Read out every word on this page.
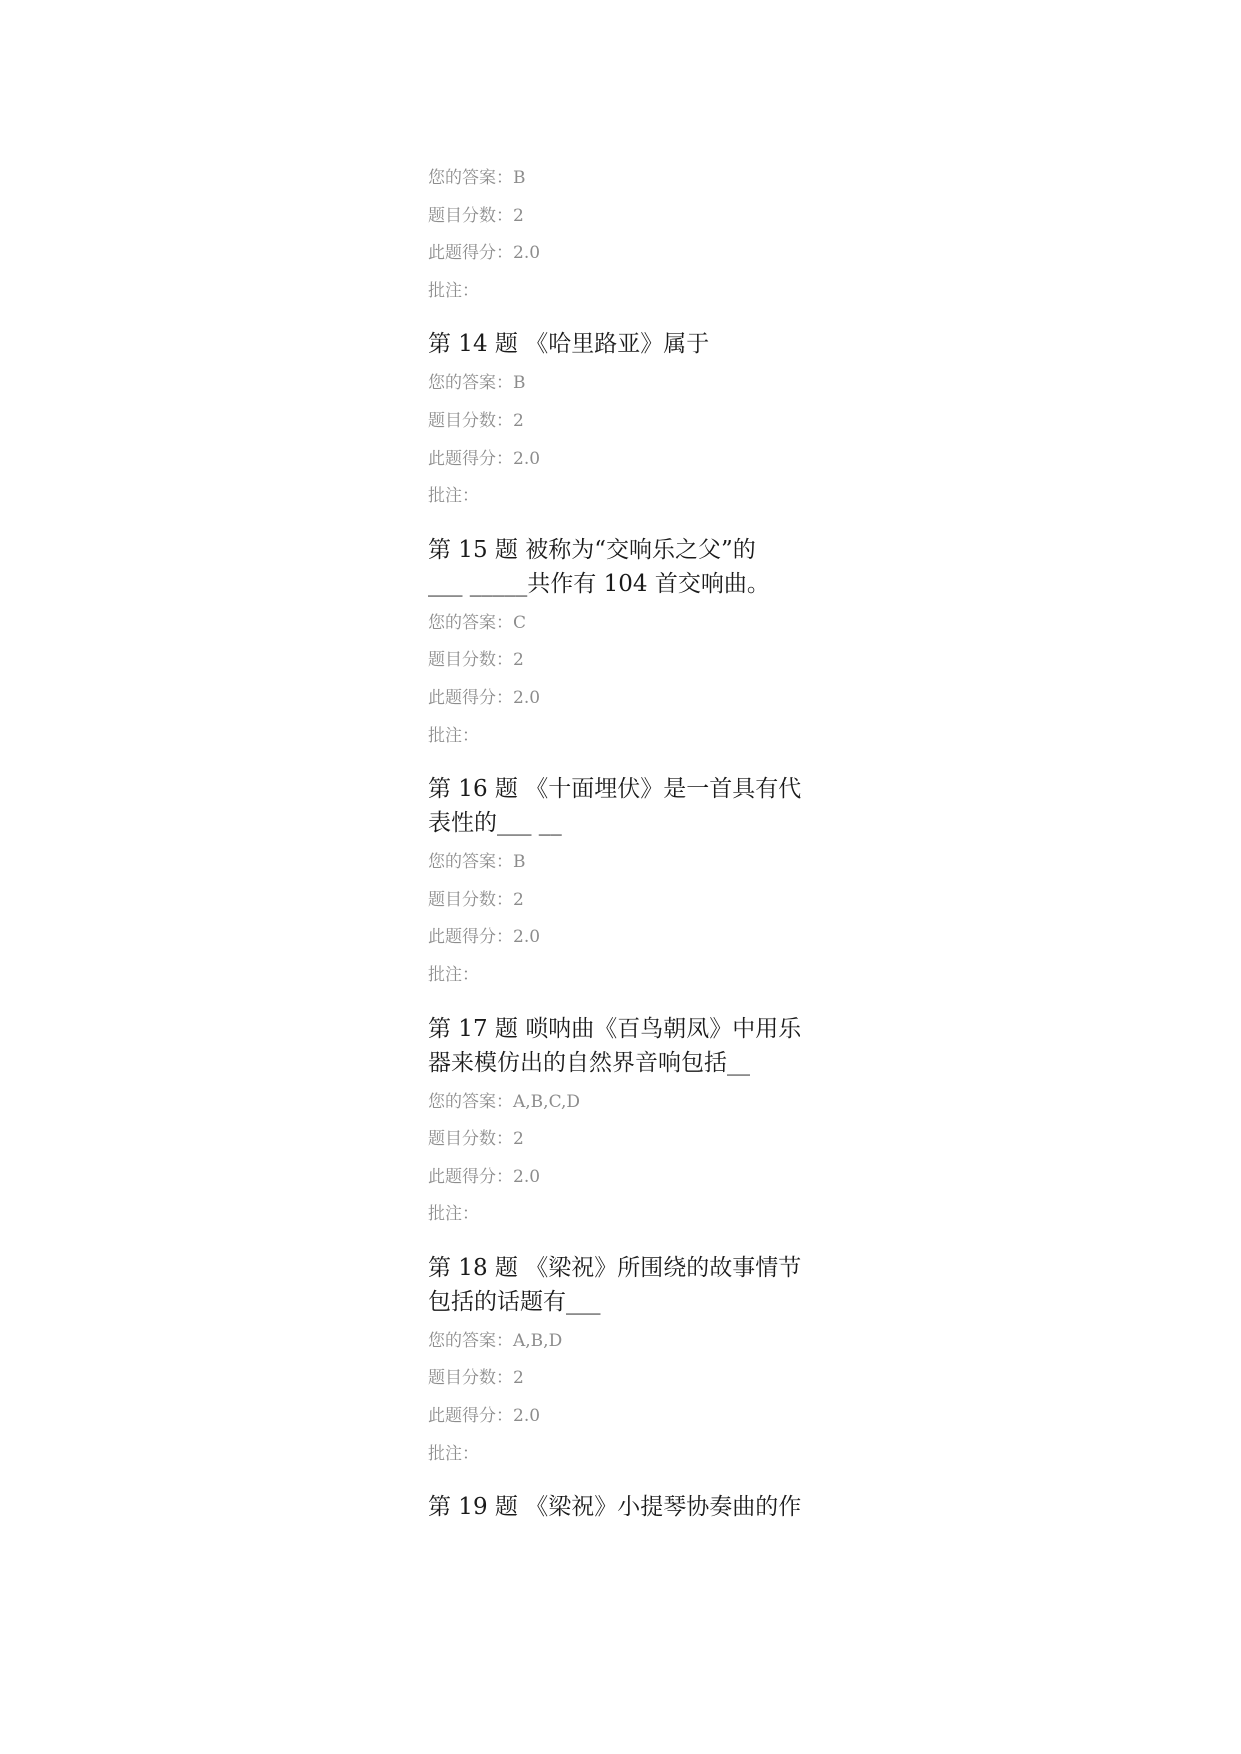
您的答案：B
题目分数：2
此题得分：2.0
批注：
第 14 题 《哈里路亚》属于
您的答案：B
题目分数：2
此题得分：2.0
批注：
第 15 题 被称为“交响乐之父”的
___ _____共作有 104 首交响曲。
您的答案：C
题目分数：2
此题得分：2.0
批注：
第 16 题 《十面埋伏》是一首具有代
表性的___ __
您的答案：B
题目分数：2
此题得分：2.0
批注：
第 17 题 唢呐曲《百鸟朝凤》中用乐
器来模仿出的自然界音响包括__
您的答案：A,B,C,D
题目分数：2
此题得分：2.0
批注：
第 18 题 《梁祝》所围绕的故事情节
包括的话题有___
您的答案：A,B,D
题目分数：2
此题得分：2.0
批注：
第 19 题 《梁祝》小提琴协奏曲的作
